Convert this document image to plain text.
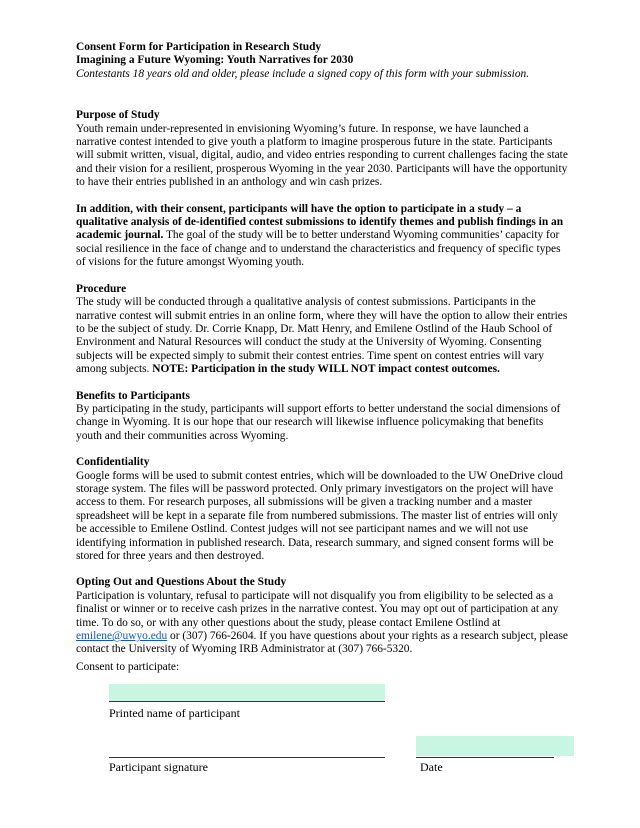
Consent Form for Participation in Research Study
Imagining a Future Wyoming: Youth Narratives for 2030
Contestants 18 years old and older, please include a signed copy of this form with your submission.
Purpose of Study

Youth remain under-represented in envisioning Wyoming’s future. In response, we have launched a narrative contest intended to give youth a platform to imagine prosperous future in the state. Participants will submit written, visual, digital, audio, and video entries responding to current challenges facing the state and their vision for a resilient, prosperous Wyoming in the year 2030. Participants will have the opportunity to have their entries published in an anthology and win cash prizes.

In addition, with their consent, participants will have the option to participate in a study – a qualitative analysis of de-identified contest submissions to identify themes and publish findings in an academic journal. The goal of the study will be to better understand Wyoming communities’ capacity for social resilience in the face of change and to understand the characteristics and frequency of specific types of visions for the future amongst Wyoming youth.

Procedure

The study will be conducted through a qualitative analysis of contest submissions. Participants in the narrative contest will submit entries in an online form, where they will have the option to allow their entries to be the subject of study. Dr. Corrie Knapp, Dr. Matt Henry, and Emilene Ostlind of the Haub School of Environment and Natural Resources will conduct the study at the University of Wyoming. Consenting subjects will be expected simply to submit their contest entries. Time spent on contest entries will vary among subjects. NOTE: Participation in the study WILL NOT impact contest outcomes.

Benefits to Participants

By participating in the study, participants will support efforts to better understand the social dimensions of change in Wyoming. It is our hope that our research will likewise influence policymaking that benefits youth and their communities across Wyoming.

Confidentiality

Google forms will be used to submit contest entries, which will be downloaded to the UW OneDrive cloud storage system. The files will be password protected. Only primary investigators on the project will have access to them. For research purposes, all submissions will be given a tracking number and a master spreadsheet will be kept in a separate file from numbered submissions. The master list of entries will only be accessible to Emilene Ostlind. Contest judges will not see participant names and we will not use identifying information in published research. Data, research summary, and signed consent forms will be stored for three years and then destroyed.

Opting Out and Questions About the Study

Participation is voluntary, refusal to participate will not disqualify you from eligibility to be selected as a finalist or winner or to receive cash prizes in the narrative contest. You may opt out of participation at any time. To do so, or with any other questions about the study, please contact Emilene Ostlind at emilene@uwyo.edu or (307) 766-2604. If you have questions about your rights as a research subject, please contact the University of Wyoming IRB Administrator at (307) 766-5320.

Consent to participate:
Printed name of participant
Participant signature	Date
